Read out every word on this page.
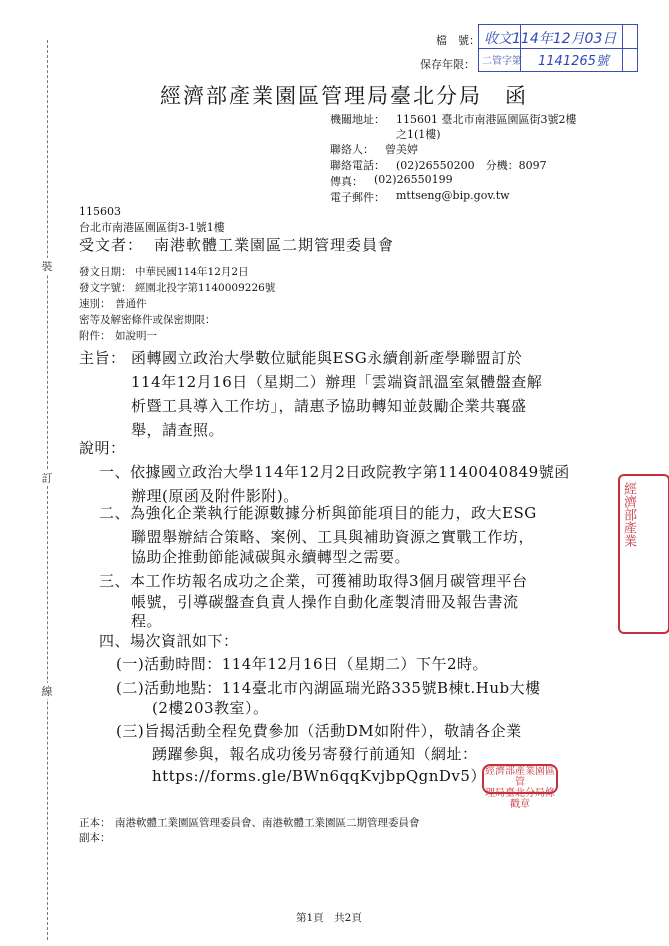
裝
訂
線
檔　號：
保存年限：
收文114年12月03日
二管字第 1141265號
經濟部產業園區管理局臺北分局　函
機關地址： 115601 臺北市南港區園區街3號2樓
之1(1樓)
聯絡人： 曾美婷
聯絡電話： (02)26550200　分機：8097
傳真： (02)26550199
電子郵件： mttseng@bip.gov.tw
115603
台北市南港區園區街3-1號1樓
受文者： 南港軟體工業園區二期管理委員會
發文日期： 中華民國114年12月2日
發文字號： 經園北投字第1140009226號
速別： 普通件
密等及解密條件或保密期限：
附件： 如說明一
主旨： 函轉國立政治大學數位賦能與ESG永續創新產學聯盟訂於
114年12月16日（星期二）辦理「雲端資訊溫室氣體盤查解
析暨工具導入工作坊」，請惠予協助轉知並鼓勵企業共襄盛
舉，請查照。
說明：
一、依據國立政治大學114年12月2日政院教字第1140040849號函
辦理(原函及附件影附)。
二、為強化企業執行能源數據分析與節能項目的能力，政大ESG
聯盟舉辦結合策略、案例、工具與補助資源之實戰工作坊，
協助企推動節能減碳與永續轉型之需要。
三、本工作坊報名成功之企業，可獲補助取得3個月碳管理平台
帳號，引導碳盤查負責人操作自動化產製清冊及報告書流
程。
四、場次資訊如下：
(一)活動時間：114年12月16日（星期二）下午2時。
(二)活動地點：114臺北市內湖區瑞光路335號B棟t.Hub大樓
(2樓203教室）。
(三)旨揭活動全程免費參加（活動DM如附件），敬請各企業
踴躍參與，報名成功後另寄發行前通知（網址：
https://forms.gle/BWn6qqKvjbpQgnDv5） 經濟部產業園區管
理局臺北分局條戳章
經濟部產業
正本： 南港軟體工業園區管理委員會、南港軟體工業園區二期管理委員會
副本：
第1頁　共2頁
